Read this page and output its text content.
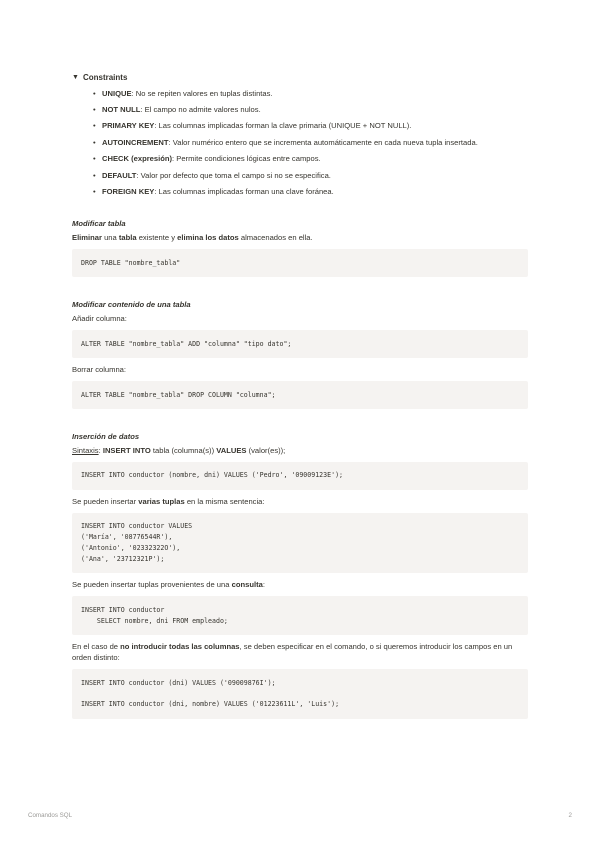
▼ Constraints
• UNIQUE: No se repiten valores en tuplas distintas.
• NOT NULL: El campo no admite valores nulos.
• PRIMARY KEY: Las columnas implicadas forman la clave primaria (UNIQUE + NOT NULL).
• AUTOINCREMENT: Valor numérico entero que se incrementa automáticamente en cada nueva tupla insertada.
• CHECK (expresión): Permite condiciones lógicas entre campos.
• DEFAULT: Valor por defecto que toma el campo si no se especifica.
• FOREIGN KEY: Las columnas implicadas forman una clave foránea.
Modificar tabla
Eliminar una tabla existente y elimina los datos almacenados en ella.
DROP TABLE "nombre_tabla"
Modificar contenido de una tabla
Añadir columna:
ALTER TABLE "nombre_tabla" ADD "columna" "tipo dato";
Borrar columna:
ALTER TABLE "nombre_tabla" DROP COLUMN "columna";
Inserción de datos
Sintaxis: INSERT INTO tabla (columna(s)) VALUES (valor(es));
INSERT INTO conductor (nombre, dni) VALUES ('Pedro', '09009123E');
Se pueden insertar varias tuplas en la misma sentencia:
INSERT INTO conductor VALUES
('María', '08776544R'),
('Antonio', '02332322O'),
('Ana', '23712321P');
Se pueden insertar tuplas provenientes de una consulta:
INSERT INTO conductor
SELECT nombre, dni FROM empleado;
En el caso de no introducir todas las columnas, se deben especificar en el comando, o si queremos introducir los campos en un orden distinto:
INSERT INTO conductor (dni) VALUES ('09009876I');

INSERT INTO conductor (dni, nombre) VALUES ('01223611L', 'Luis');
Comandos SQL	2
